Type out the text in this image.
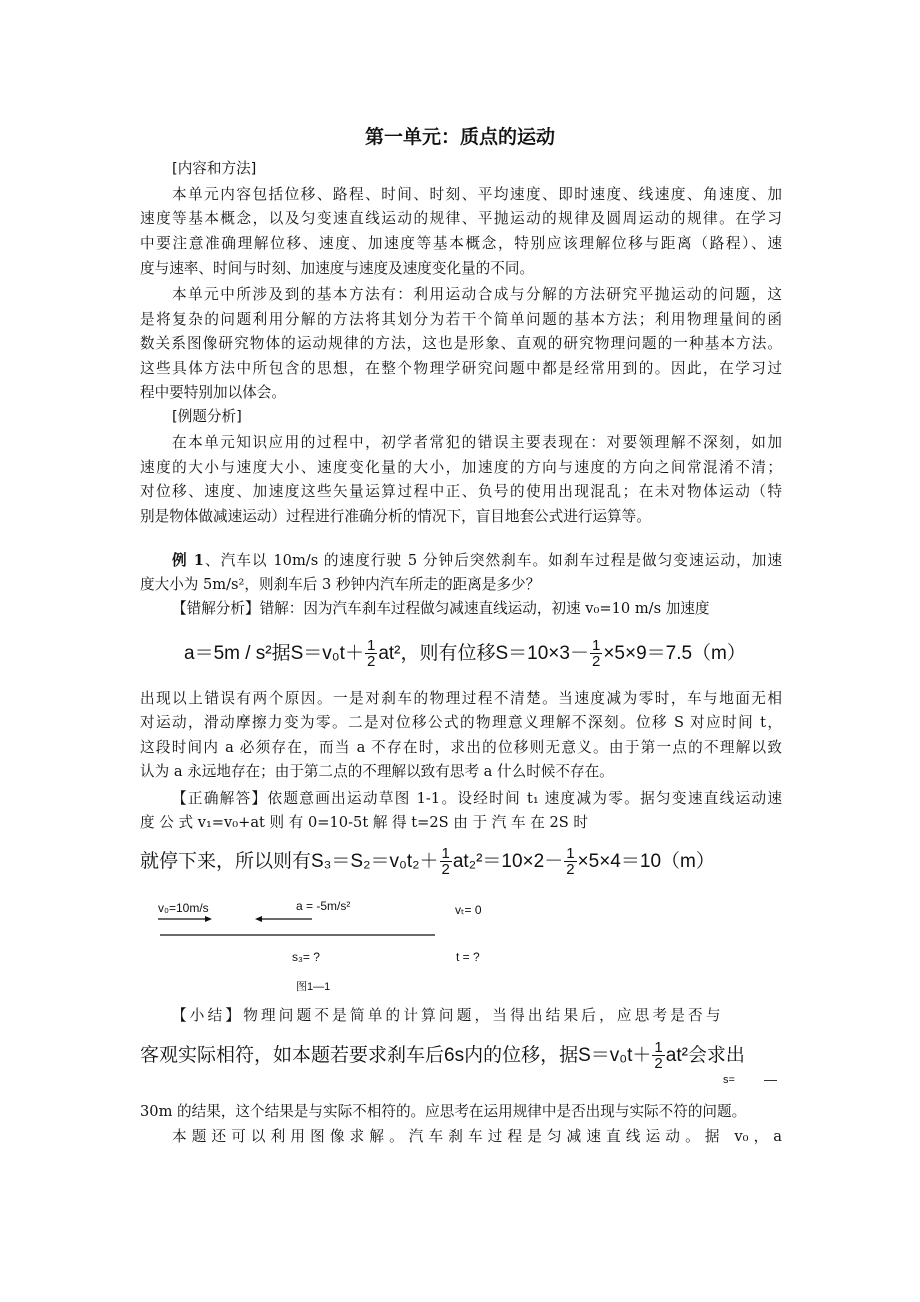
第一单元：质点的运动
[内容和方法]
本单元内容包括位移、路程、时间、时刻、平均速度、即时速度、线速度、角速度、加
速度等基本概念，以及匀变速直线运动的规律、平抛运动的规律及圆周运动的规律。在学习
中要注意准确理解位移、速度、加速度等基本概念，特别应该理解位移与距离（路程）、速
度与速率、时间与时刻、加速度与速度及速度变化量的不同。
本单元中所涉及到的基本方法有：利用运动合成与分解的方法研究平抛运动的问题，这
是将复杂的问题利用分解的方法将其划分为若干个简单问题的基本方法；利用物理量间的函
数关系图像研究物体的运动规律的方法，这也是形象、直观的研究物理问题的一种基本方法。
这些具体方法中所包含的思想，在整个物理学研究问题中都是经常用到的。因此，在学习过
程中要特别加以体会。
[例题分析]
在本单元知识应用的过程中，初学者常犯的错误主要表现在：对要领理解不深刻，如加
速度的大小与速度大小、速度变化量的大小，加速度的方向与速度的方向之间常混淆不清；
对位移、速度、加速度这些矢量运算过程中正、负号的使用出现混乱；在未对物体运动（特
别是物体做减速运动）过程进行准确分析的情况下，盲目地套公式进行运算等。
例 1、汽车以 10m/s 的速度行驶 5 分钟后突然刹车。如刹车过程是做匀变速运动，加速
度大小为 5m/s²，则刹车后 3 秒钟内汽车所走的距离是多少？
【错解分析】错解：因为汽车刹车过程做匀减速直线运动，初速 v₀=10 m/s 加速度
a＝5m / s²据$S=v_0t+ \frac{1}{2} at^2$，则有位移$S=10\times 3- \frac{1}{2} \times 5\times 9=7.5(m)$
出现以上错误有两个原因。一是对刹车的物理过程不清楚。当速度减为零时，车与地面无相
对运动，滑动摩擦力变为零。二是对位移公式的物理意义理解不深刻。位移 S 对应时间 t，
这段时间内 a 必须存在，而当 a 不存在时，求出的位移则无意义。由于第一点的不理解以致
认为 a 永远地存在；由于第二点的不理解以致有思考 a 什么时候不存在。
【正确解答】依题意画出运动草图 1-1。设经时间 t₁ 速度减为零。据匀变速直线运动速
度 公 式 v₁=v₀+at 则 有 0=10-5t 解 得 t=2S 由 于 汽 车 在 2S 时
就停下来，所以则有$S_3=S_2=v_0t_2+ \frac{1}{2} at_2^2=10\times 2- \frac{1}{2} \times 5\times 4=10(m)$
v₀=10m/s	a = -5m/s²	vₜ= 0
s₃= ?	t = ?
图1—1
【小结】物理问题不是简单的计算问题，当得出结果后，应思考是否与
客观实际相符，如本题若要求刹车后6s内的位移，据$S=v_0t+ \frac{1}{2} at^2$会求出
s= —
30m 的结果，这个结果是与实际不相符的。应思考在运用规律中是否出现与实际不符的问题。
本题还可以利用图像求解。汽车刹车过程是匀减速直线运动。据 v₀，a
